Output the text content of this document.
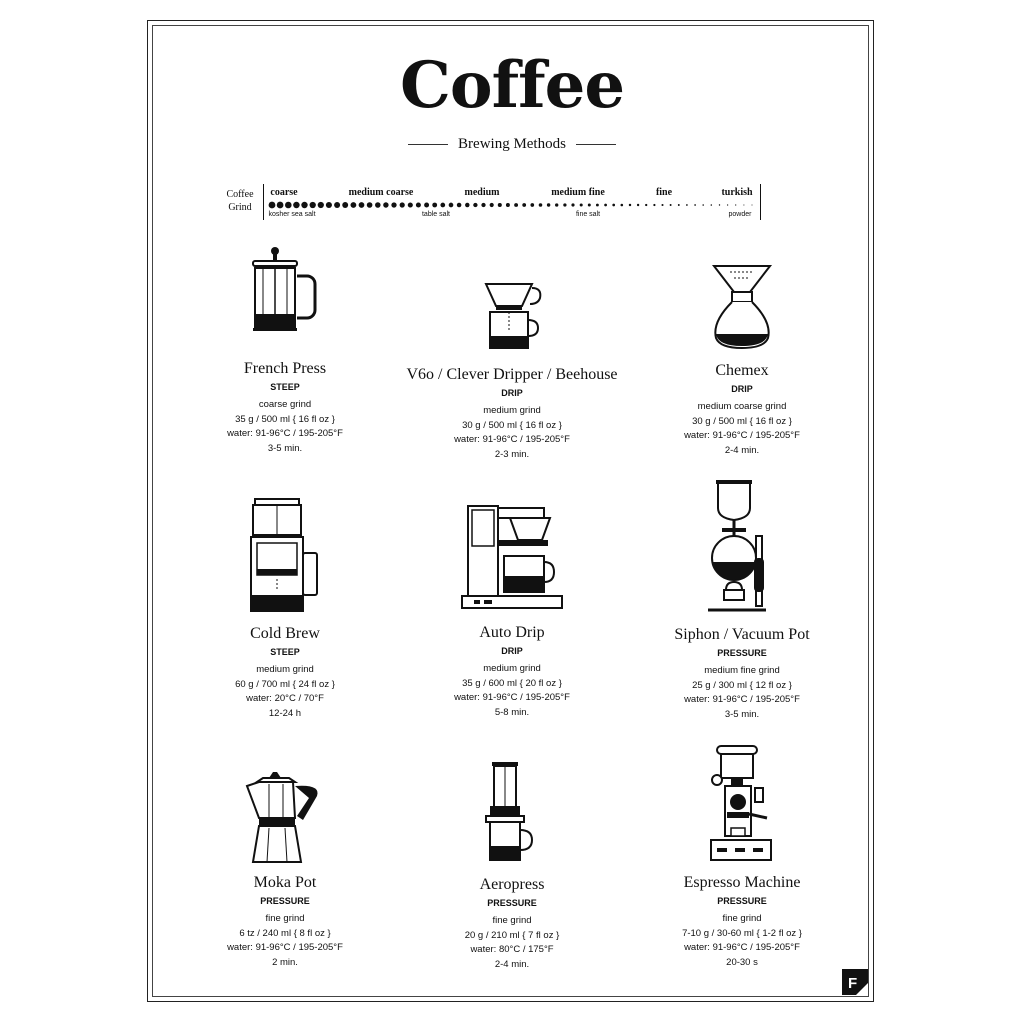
Coffee
Brewing Methods
Coffee Grind
coarse	medium coarse	medium	medium fine	fine	turkish
kosher sea salt	table salt	fine salt	powder
French Press
STEEP
coarse grind
35 g / 500 ml { 16 fl oz }
water: 91-96°C / 195-205°F
3-5 min.
V6o / Clever Dripper / Beehouse
DRIP
medium grind
30 g / 500 ml { 16 fl oz }
water: 91-96°C / 195-205°F
2-3 min.
Chemex
DRIP
medium coarse grind
30 g / 500 ml { 16 fl oz }
water: 91-96°C / 195-205°F
2-4 min.
Cold Brew
STEEP
medium grind
60 g / 700 ml { 24 fl oz }
water: 20°C / 70°F
12-24 h
Auto Drip
DRIP
medium grind
35 g / 600 ml { 20 fl oz }
water: 91-96°C / 195-205°F
5-8 min.
Siphon / Vacuum Pot
PRESSURE
medium fine grind
25 g / 300 ml { 12 fl oz }
water: 91-96°C / 195-205°F
3-5 min.
Moka Pot
PRESSURE
fine grind
6 tz / 240 ml { 8 fl oz }
water: 91-96°C / 195-205°F
2 min.
Aeropress
PRESSURE
fine grind
20 g / 210 ml { 7 fl oz }
water: 80°C / 175°F
2-4 min.
Espresso Machine
PRESSURE
fine grind
7-10 g / 30-60 ml { 1-2 fl oz }
water: 91-96°C / 195-205°F
20-30 s
F
